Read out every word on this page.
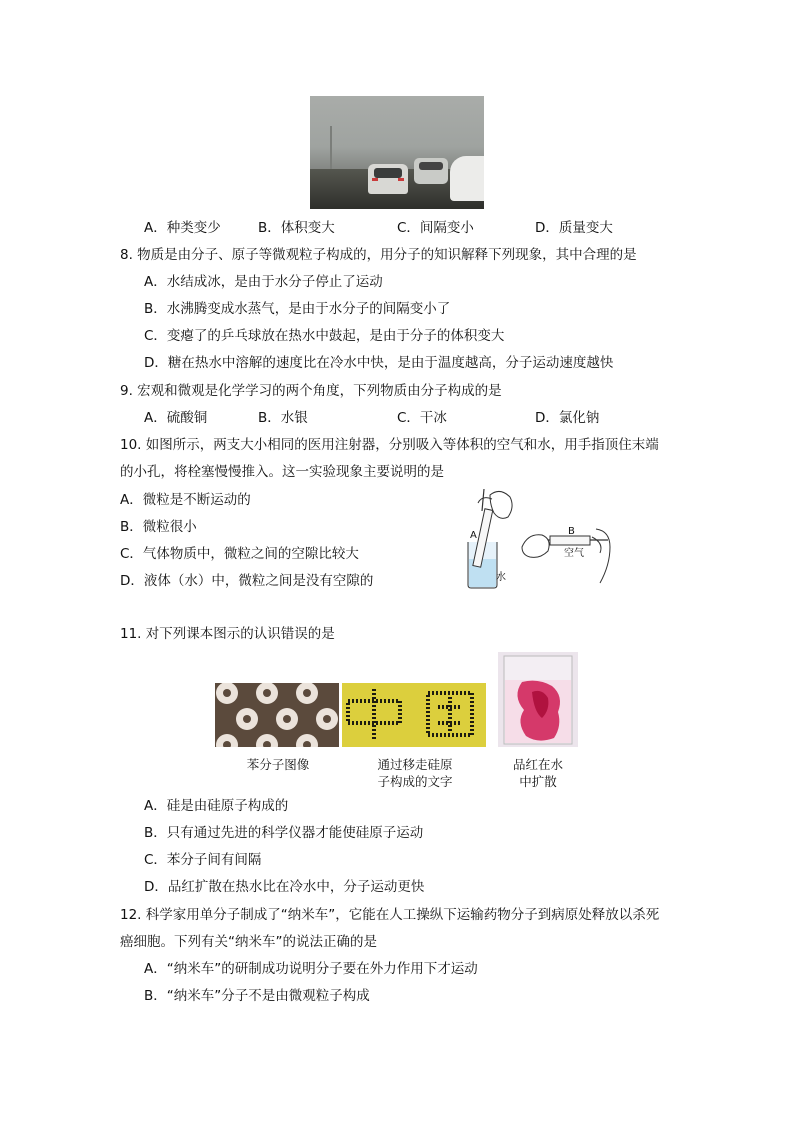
A．种类变少	B．体积变大	C．间隔变小	D．质量变大
8. 物质是由分子、原子等微观粒子构成的，用分子的知识解释下列现象，其中合理的是
A．水结成冰，是由于水分子停止了运动
B．水沸腾变成水蒸气，是由于水分子的间隔变小了
C．变瘪了的乒乓球放在热水中鼓起，是由于分子的体积变大
D．糖在热水中溶解的速度比在冷水中快，是由于温度越高，分子运动速度越快
9. 宏观和微观是化学学习的两个角度，下列物质由分子构成的是
A．硫酸铜	B．水银	C．干冰	D．氯化钠
10. 如图所示，两支大小相同的医用注射器，分别吸入等体积的空气和水，用手指顶住末端
的小孔，将栓塞慢慢推入。这一实验现象主要说明的是
A．微粒是不断运动的
B．微粒很小
C．气体物质中，微粒之间的空隙比较大
D．液体（水）中，微粒之间是没有空隙的
A
水
B
空气
11. 对下列课本图示的认识错误的是
苯分子图像	通过移走硅原
子构成的文字
品红在水
中扩散
A．硅是由硅原子构成的
B．只有通过先进的科学仪器才能使硅原子运动
C．苯分子间有间隔
D．品红扩散在热水比在冷水中，分子运动更快
12. 科学家用单分子制成了“纳米车”，它能在人工操纵下运输药物分子到病原处释放以杀死
癌细胞。下列有关“纳米车”的说法正确的是
A．“纳米车”的研制成功说明分子要在外力作用下才运动
B．“纳米车”分子不是由微观粒子构成
